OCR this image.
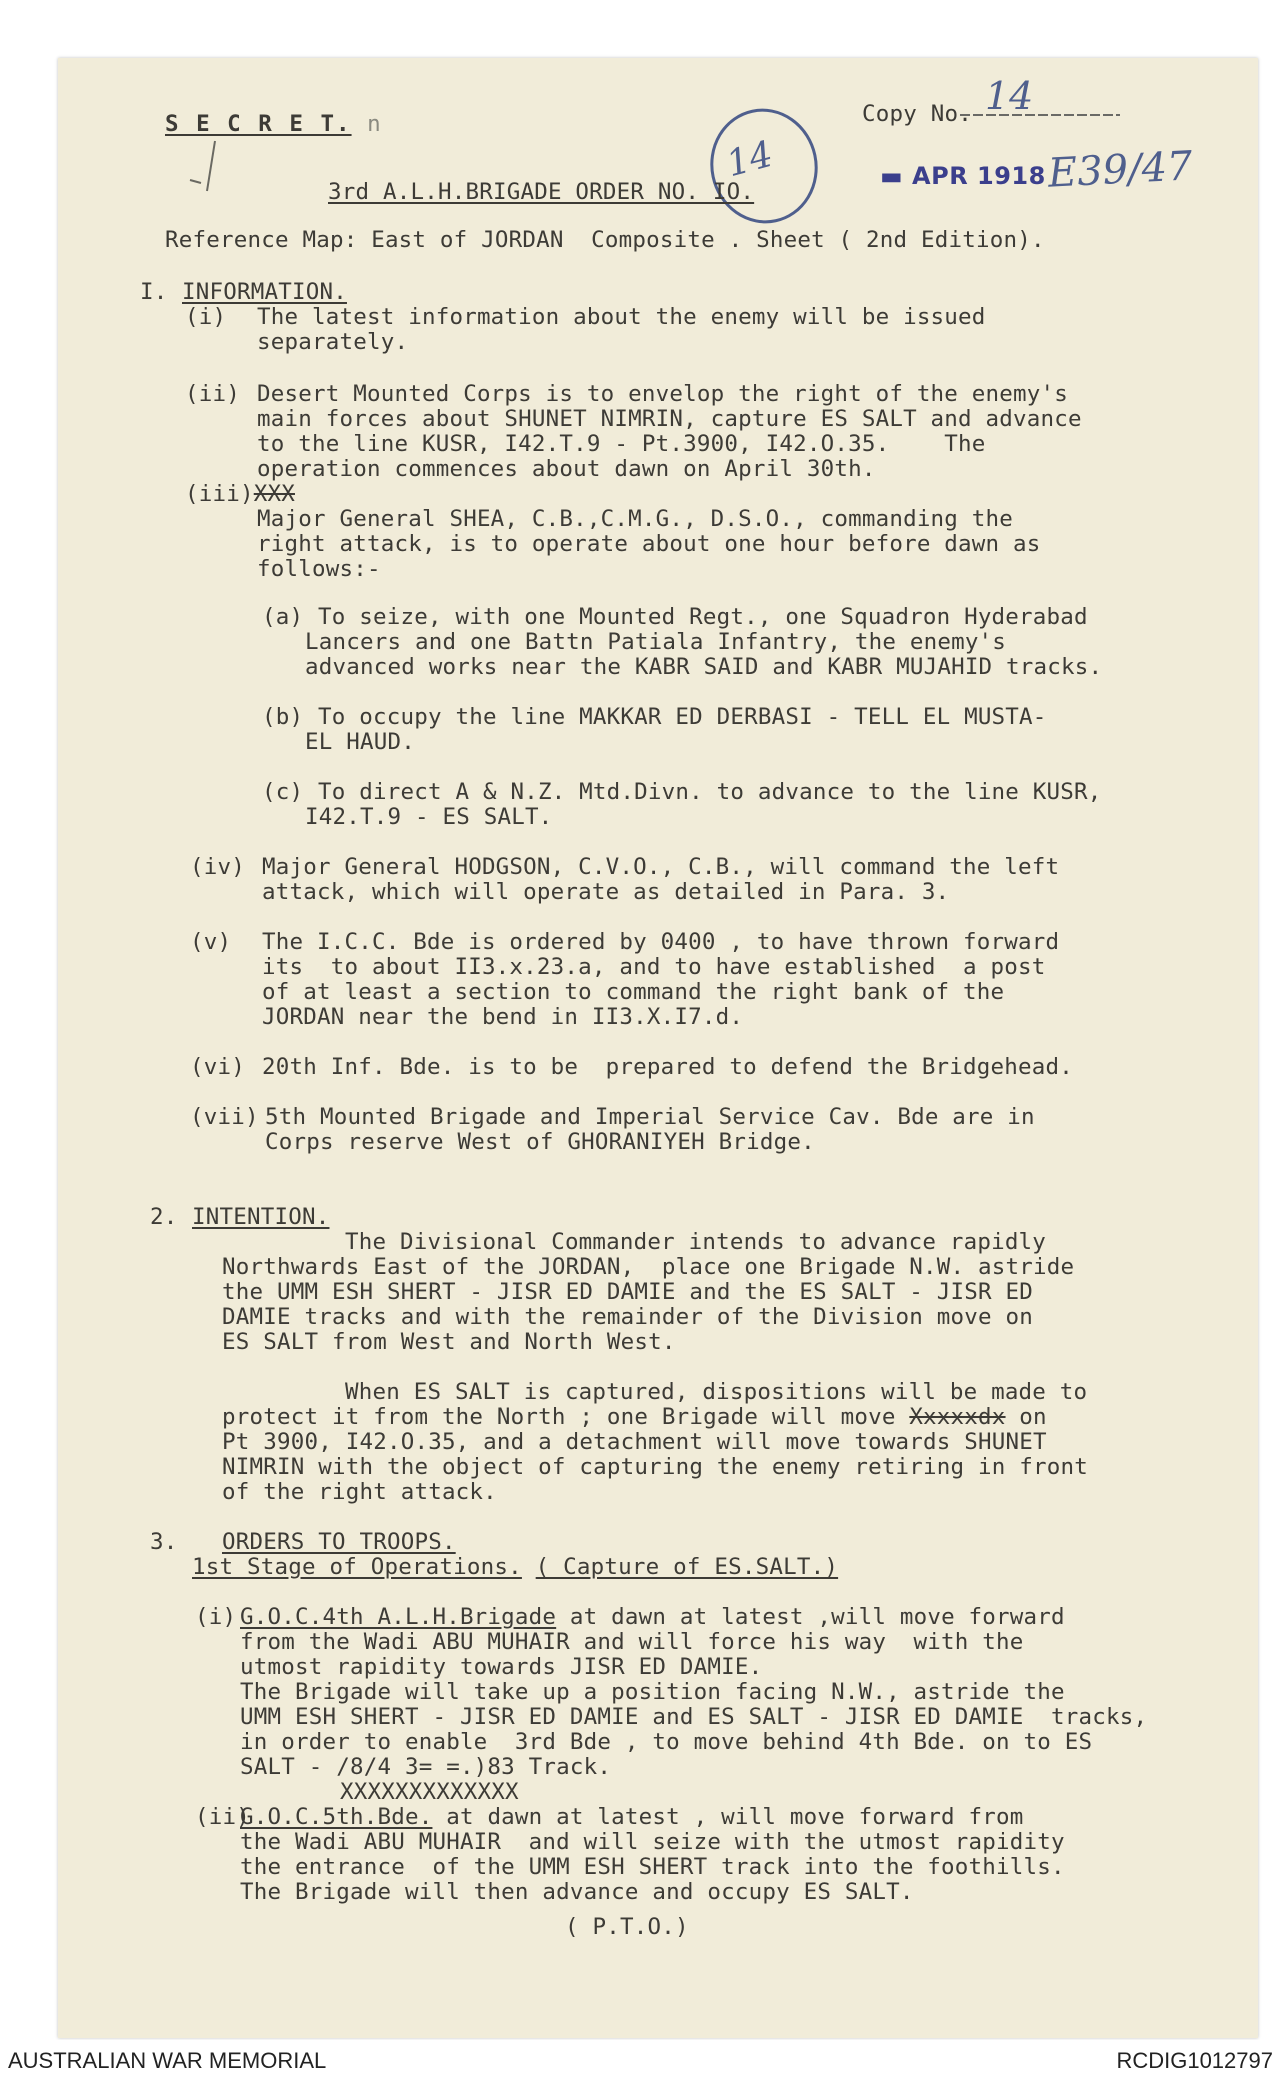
S E C R E T. n	Copy No. 14
14	▬ APR 1918 E39/47
3rd A.L.H.BRIGADE ORDER NO. IO.
Reference Map: East of JORDAN  Composite . Sheet ( 2nd Edition).
I. INFORMATION.
(i) The latest information about the enemy will be issued
separately.
(ii) Desert Mounted Corps is to envelop the right of the enemy's
main forces about SHUNET NIMRIN, capture ES SALT and advance
to the line KUSR, I42.T.9 - Pt.3900, I42.O.35.    The
operation commences about dawn on April 30th.
(iii)XXX
Major General SHEA, C.B.,C.M.G., D.S.O., commanding the
right attack, is to operate about one hour before dawn as
follows:-
(a) To seize, with one Mounted Regt., one Squadron Hyderabad
Lancers and one Battn Patiala Infantry, the enemy's
advanced works near the KABR SAID and KABR MUJAHID tracks.
(b) To occupy the line MAKKAR ED DERBASI - TELL EL MUSTA-
EL HAUD.
(c) To direct A & N.Z. Mtd.Divn. to advance to the line KUSR,
I42.T.9 - ES SALT.
(iv) Major General HODGSON, C.V.O., C.B., will command the left
attack, which will operate as detailed in Para. 3.
(v) The I.C.C. Bde is ordered by 0400 , to have thrown forward
its  to about II3.x.23.a, and to have established  a post
of at least a section to command the right bank of the
JORDAN near the bend in II3.X.I7.d.
(vi) 20th Inf. Bde. is to be  prepared to defend the Bridgehead.
(vii) 5th Mounted Brigade and Imperial Service Cav. Bde are in
Corps reserve West of GHORANIYEH Bridge.
2. INTENTION.
The Divisional Commander intends to advance rapidly
Northwards East of the JORDAN,  place one Brigade N.W. astride
the UMM ESH SHERT - JISR ED DAMIE and the ES SALT - JISR ED
DAMIE tracks and with the remainder of the Division move on
ES SALT from West and North West.
When ES SALT is captured, dispositions will be made to
protect it from the North ; one Brigade will move Xxxxxdx on
Pt 3900, I42.O.35, and a detachment will move towards SHUNET
NIMRIN with the object of capturing the enemy retiring in front
of the right attack.
3. ORDERS TO TROOPS.
1st Stage of Operations. ( Capture of ES.SALT.)
(i) G.O.C.4th A.L.H.Brigade at dawn at latest ,will move forward
from the Wadi ABU MUHAIR and will force his way  with the
utmost rapidity towards JISR ED DAMIE.
The Brigade will take up a position facing N.W., astride the
UMM ESH SHERT - JISR ED DAMIE and ES SALT - JISR ED DAMIE  tracks,
in order to enable  3rd Bde , to move behind 4th Bde. on to ES
SALT - /8/4 3= =.)83 Track.
XXXXXXXXXXXXX
(ii)
G.O.C.5th.Bde. at dawn at latest , will move forward from
the Wadi ABU MUHAIR  and will seize with the utmost rapidity
the entrance  of the UMM ESH SHERT track into the foothills.
The Brigade will then advance and occupy ES SALT.
( P.T.O.)
AUSTRALIAN WAR MEMORIAL	RCDIG1012797
